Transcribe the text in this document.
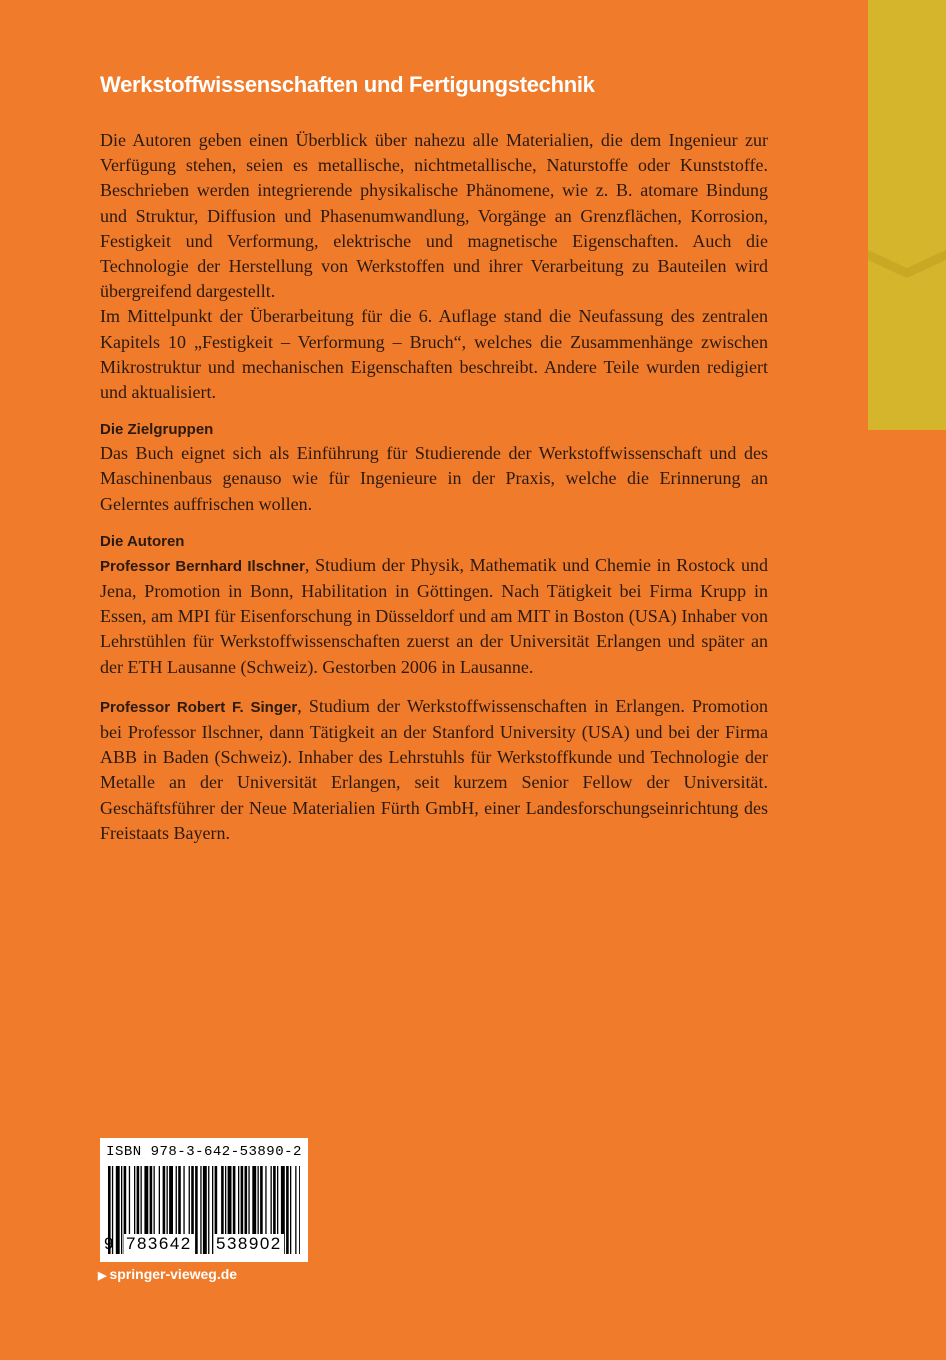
Werkstoffwissenschaften und Fertigungstechnik

Die Autoren geben einen Überblick über nahezu alle Materialien, die dem Ingenieur zur Verfügung stehen, seien es metallische, nichtmetallische, Naturstoffe oder Kunststoffe. Beschrieben werden integrierende physikalische Phänomene, wie z. B. atomare Bindung und Struktur, Diffusion und Phasenumwandlung, Vorgänge an Grenzflächen, Korrosion, Festigkeit und Verformung, elektrische und magnetische Eigenschaften. Auch die Technologie der Herstellung von Werkstoffen und ihrer Verarbeitung zu Bauteilen wird übergreifend dargestellt.

Im Mittelpunkt der Überarbeitung für die 6. Auflage stand die Neufassung des zentralen Kapitels 10 „Festigkeit – Verformung – Bruch“, welches die Zusammenhänge zwischen Mikrostruktur und mechanischen Eigenschaften beschreibt. Andere Teile wurden redigiert und aktualisiert.

Die Zielgruppen

Das Buch eignet sich als Einführung für Studierende der Werkstoffwissenschaft und des Maschinenbaus genauso wie für Ingenieure in der Praxis, welche die Erinnerung an Gelerntes auffrischen wollen.

Die Autoren

Professor Bernhard Ilschner, Studium der Physik, Mathematik und Chemie in Rostock und Jena, Promotion in Bonn, Habilitation in Göttingen. Nach Tätigkeit bei Firma Krupp in Essen, am MPI für Eisenforschung in Düsseldorf und am MIT in Boston (USA) Inhaber von Lehrstühlen für Werkstoffwissenschaften zuerst an der Universität Erlangen und später an der ETH Lausanne (Schweiz). Gestorben 2006 in Lausanne.

Professor Robert F. Singer, Studium der Werkstoffwissenschaften in Erlangen. Promotion bei Professor Ilschner, dann Tätigkeit an der Stanford University (USA) und bei der Firma ABB in Baden (Schweiz). Inhaber des Lehrstuhls für Werkstoffkunde und Technologie der Metalle an der Universität Erlangen, seit kurzem Senior Fellow der Universität. Geschäftsführer der Neue Materialien Fürth GmbH, einer Landesforschungseinrichtung des Freistaats Bayern.

ISBN 978-3-642-53890-2
9 783642 538902
▶ springer-vieweg.de
